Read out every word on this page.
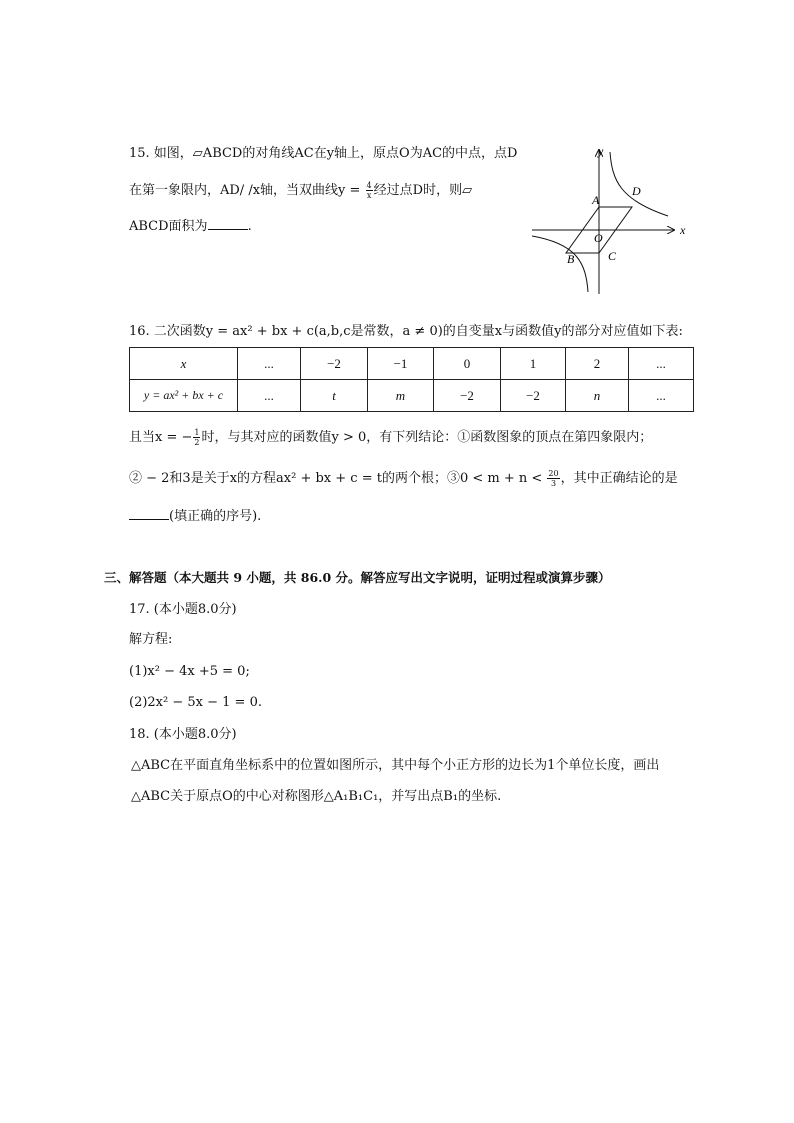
15. 如图，▱ABCD的对角线AC在y轴上，原点O为AC的中点，点D
在第一象限内，AD/ /x轴，当双曲线$y = \frac{4}{x}$ 经过点D时，则▱
ABCD面积为	.
y
x
A
D
O
B	C
16. 二次函数y = ax² + bx + c(a,b,c是常数，a ≠ 0)的自变量x与函数值y的部分对应值如下表:
x	...	−2	−1	0	1	2	...
y = ax² + bx + c	...	t	m	−2	−2	n	...
且当x = − $\frac{1}{2}$ 时，与其对应的函数值y > 0，有下列结论：①函数图象的顶点在第四象限内；
② − 2和3是关于x的方程ax² + bx + c = t的两个根；③0 < $m + n < \frac{20}{3}$ ，其中正确结论的是
(填正确的序号).
三、解答题（本大题共 9 小题，共 86.0 分。解答应写出文字说明，证明过程或演算步骤）
17. (本小题8.0分)
解方程:
(1)x² − 4x +5 = 0;
(2)2x² − 5x − 1 = 0.
18. (本小题8.0分)
△ABC在平面直角坐标系中的位置如图所示，其中每个小正方形的边长为1个单位长度，画出
△ABC关于原点O的中心对称图形△A₁B₁C₁，并写出点B₁的坐标.
